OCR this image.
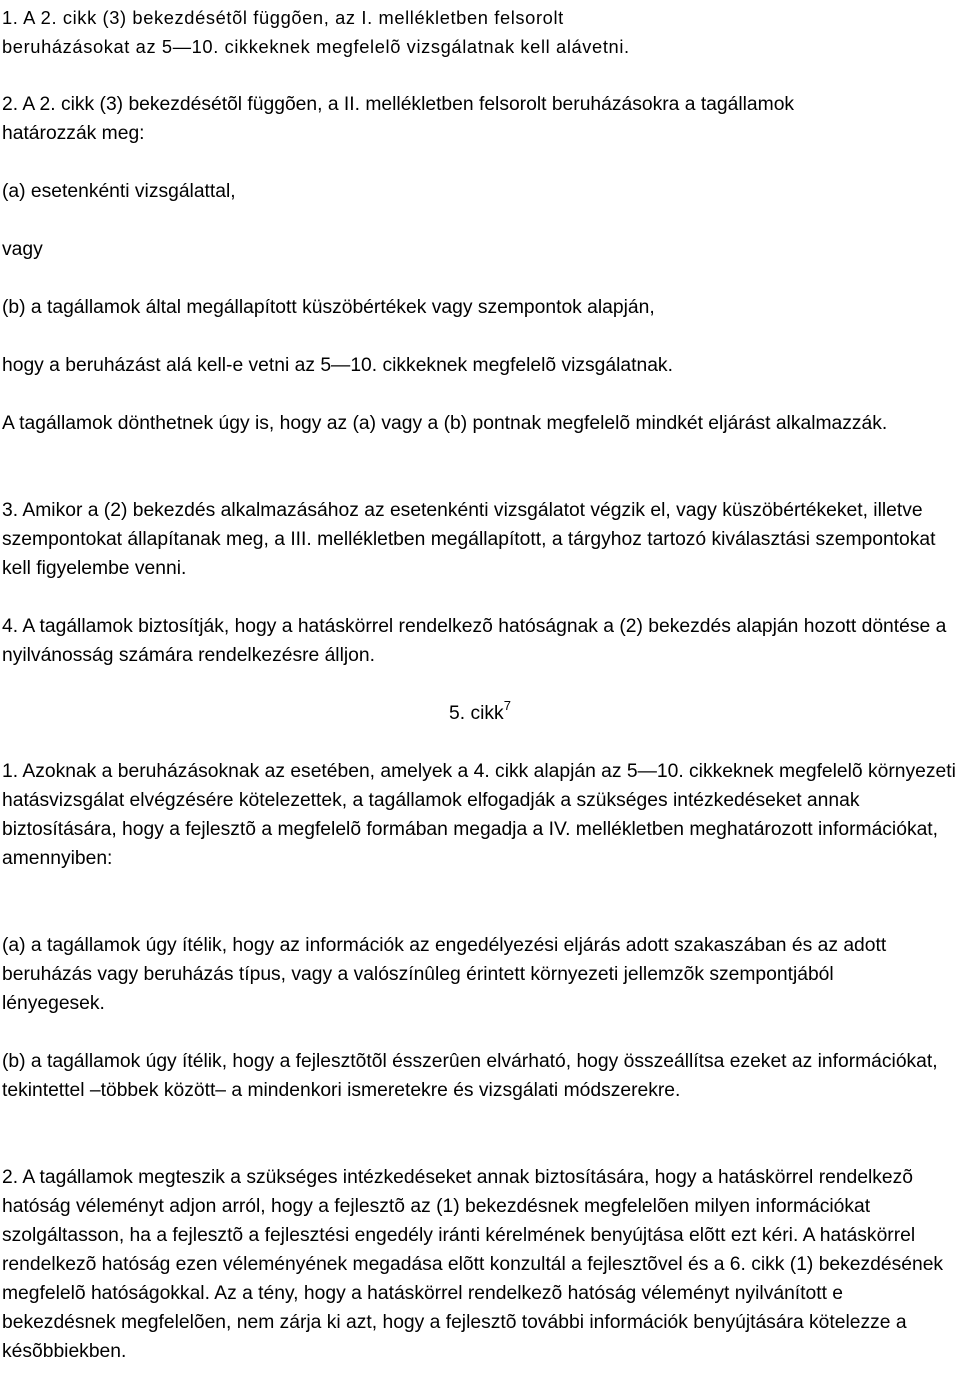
1. A 2. cikk (3) bekezdésétõl függõen, az I. mellékletben felsorolt beruházásokat az 5—10. cikkeknek megfelelõ vizsgálatnak kell alávetni.

2. A 2. cikk (3) bekezdésétõl függõen, a II. mellékletben felsorolt beruházásokra a tagállamok határozzák meg:

(a) esetenkénti vizsgálattal,

vagy

(b) a tagállamok által megállapított küszöbértékek vagy szempontok alapján,

hogy a beruházást alá kell-e vetni az 5—10. cikkeknek megfelelõ vizsgálatnak.

A tagállamok dönthetnek úgy is, hogy az (a) vagy a (b) pontnak megfelelõ mindkét eljárást alkalmazzák.

3. Amikor a (2) bekezdés alkalmazásához az esetenkénti vizsgálatot végzik el, vagy küszöbértékeket, illetve szempontokat állapítanak meg, a III. mellékletben megállapított, a tárgyhoz tartozó kiválasztási szempontokat kell figyelembe venni.

4. A tagállamok biztosítják, hogy a hatáskörrel rendelkezõ hatóságnak a (2) bekezdés alapján hozott döntése a nyilvánosság számára rendelkezésre álljon.

5. cikk$^7$

1. Azoknak a beruházásoknak az esetében, amelyek a 4. cikk alapján az 5—10. cikkeknek megfelelõ környezeti hatásvizsgálat elvégzésére kötelezettek, a tagállamok elfogadják a szükséges intézkedéseket annak biztosítására, hogy a fejlesztõ a megfelelõ formában megadja a IV. mellékletben meghatározott információkat, amennyiben:

(a) a tagállamok úgy ítélik, hogy az információk az engedélyezési eljárás adott szakaszában és az adott beruházás vagy beruházás típus, vagy a valószínûleg érintett környezeti jellemzõk szempontjából lényegesek.

(b) a tagállamok úgy ítélik, hogy a fejlesztõtõl ésszerûen elvárható, hogy összeállítsa ezeket az információkat, tekintettel –többek között– a mindenkori ismeretekre és vizsgálati módszerekre.

2. A tagállamok megteszik a szükséges intézkedéseket annak biztosítására, hogy a hatáskörrel rendelkezõ hatóság véleményt adjon arról, hogy a fejlesztõ az (1) bekezdésnek megfelelõen milyen információkat szolgáltasson, ha a fejlesztõ a fejlesztési engedély iránti kérelmének benyújtása elõtt ezt kéri. A hatáskörrel rendelkezõ hatóság ezen véleményének megadása elõtt konzultál a fejlesztõvel és a 6. cikk (1) bekezdésének megfelelõ hatóságokkal. Az a tény, hogy a hatáskörrel rendelkezõ hatóság véleményt nyilvánított e bekezdésnek megfelelõen, nem zárja ki azt, hogy a fejlesztõ további információk benyújtására kötelezze a késõbbiekben.
